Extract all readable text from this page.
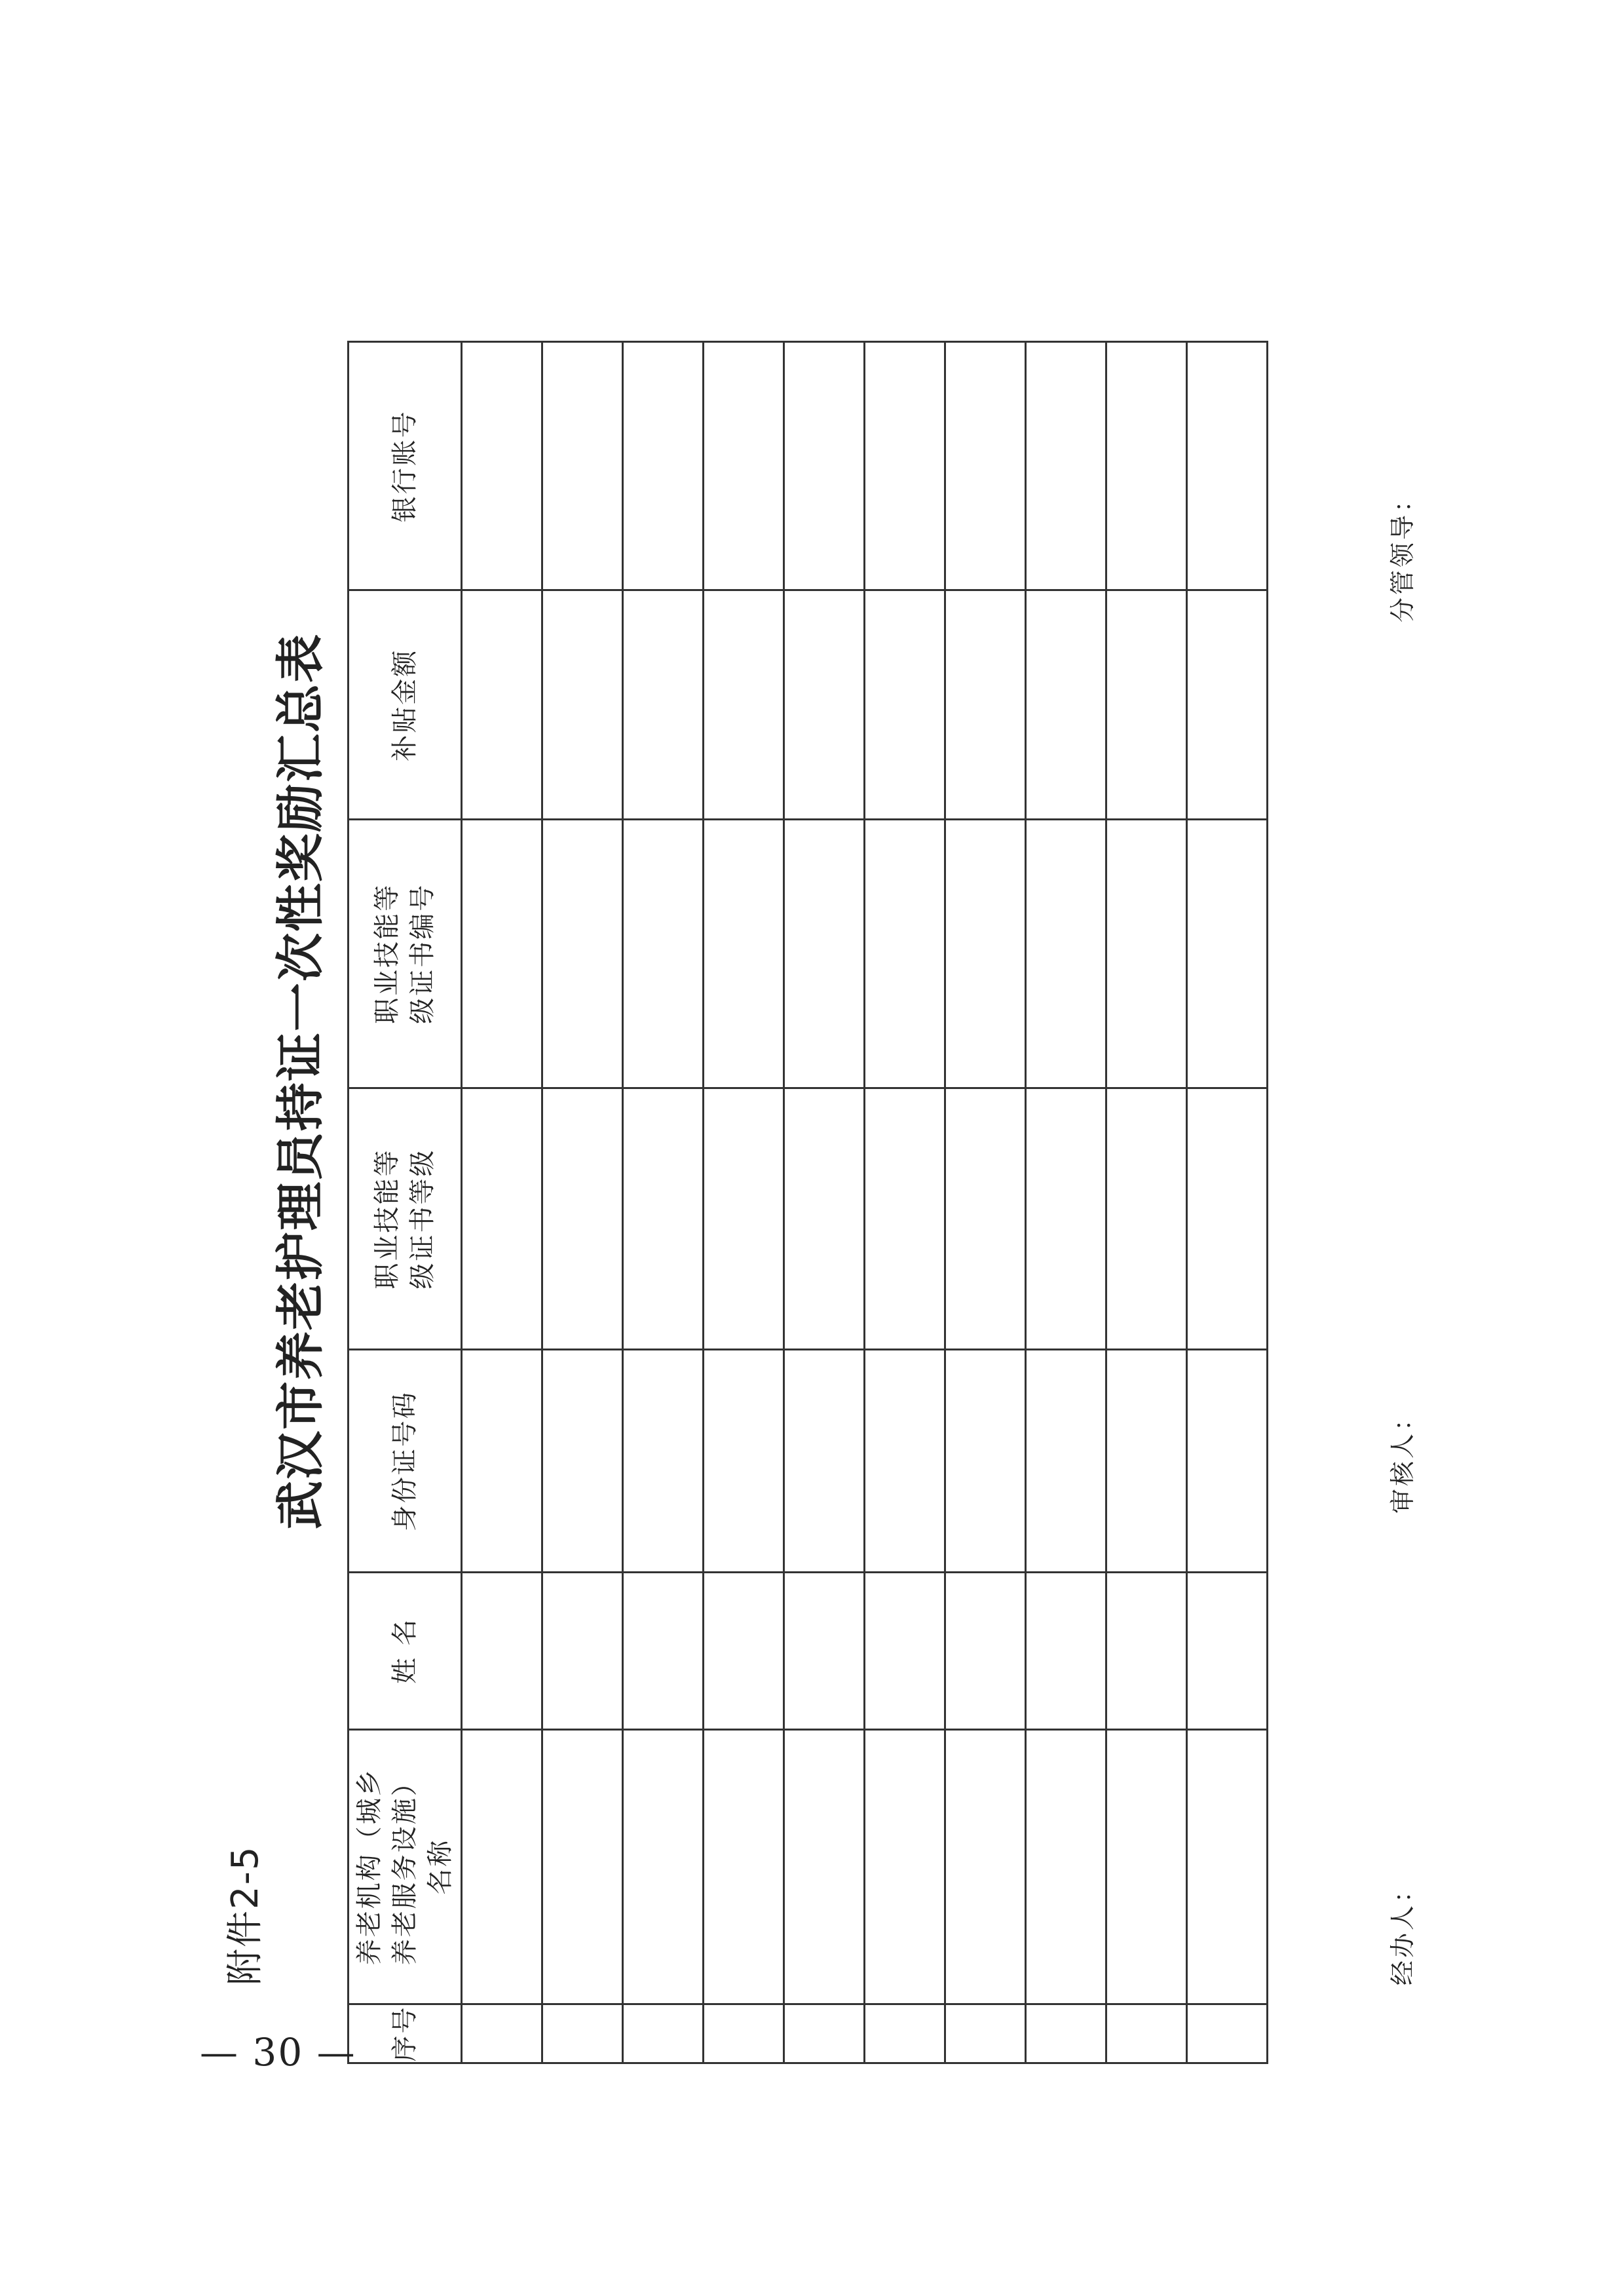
附件2-5
武汉市养老护理员持证一次性奖励汇总表
序号	养老机构（城乡养老服务设施）名称	姓 名	身份证号码	职业技能等级证书等级	职业技能等级证书编号	补贴金额	银行账号

经办人：
审核人：
分管领导：
— 30 —
